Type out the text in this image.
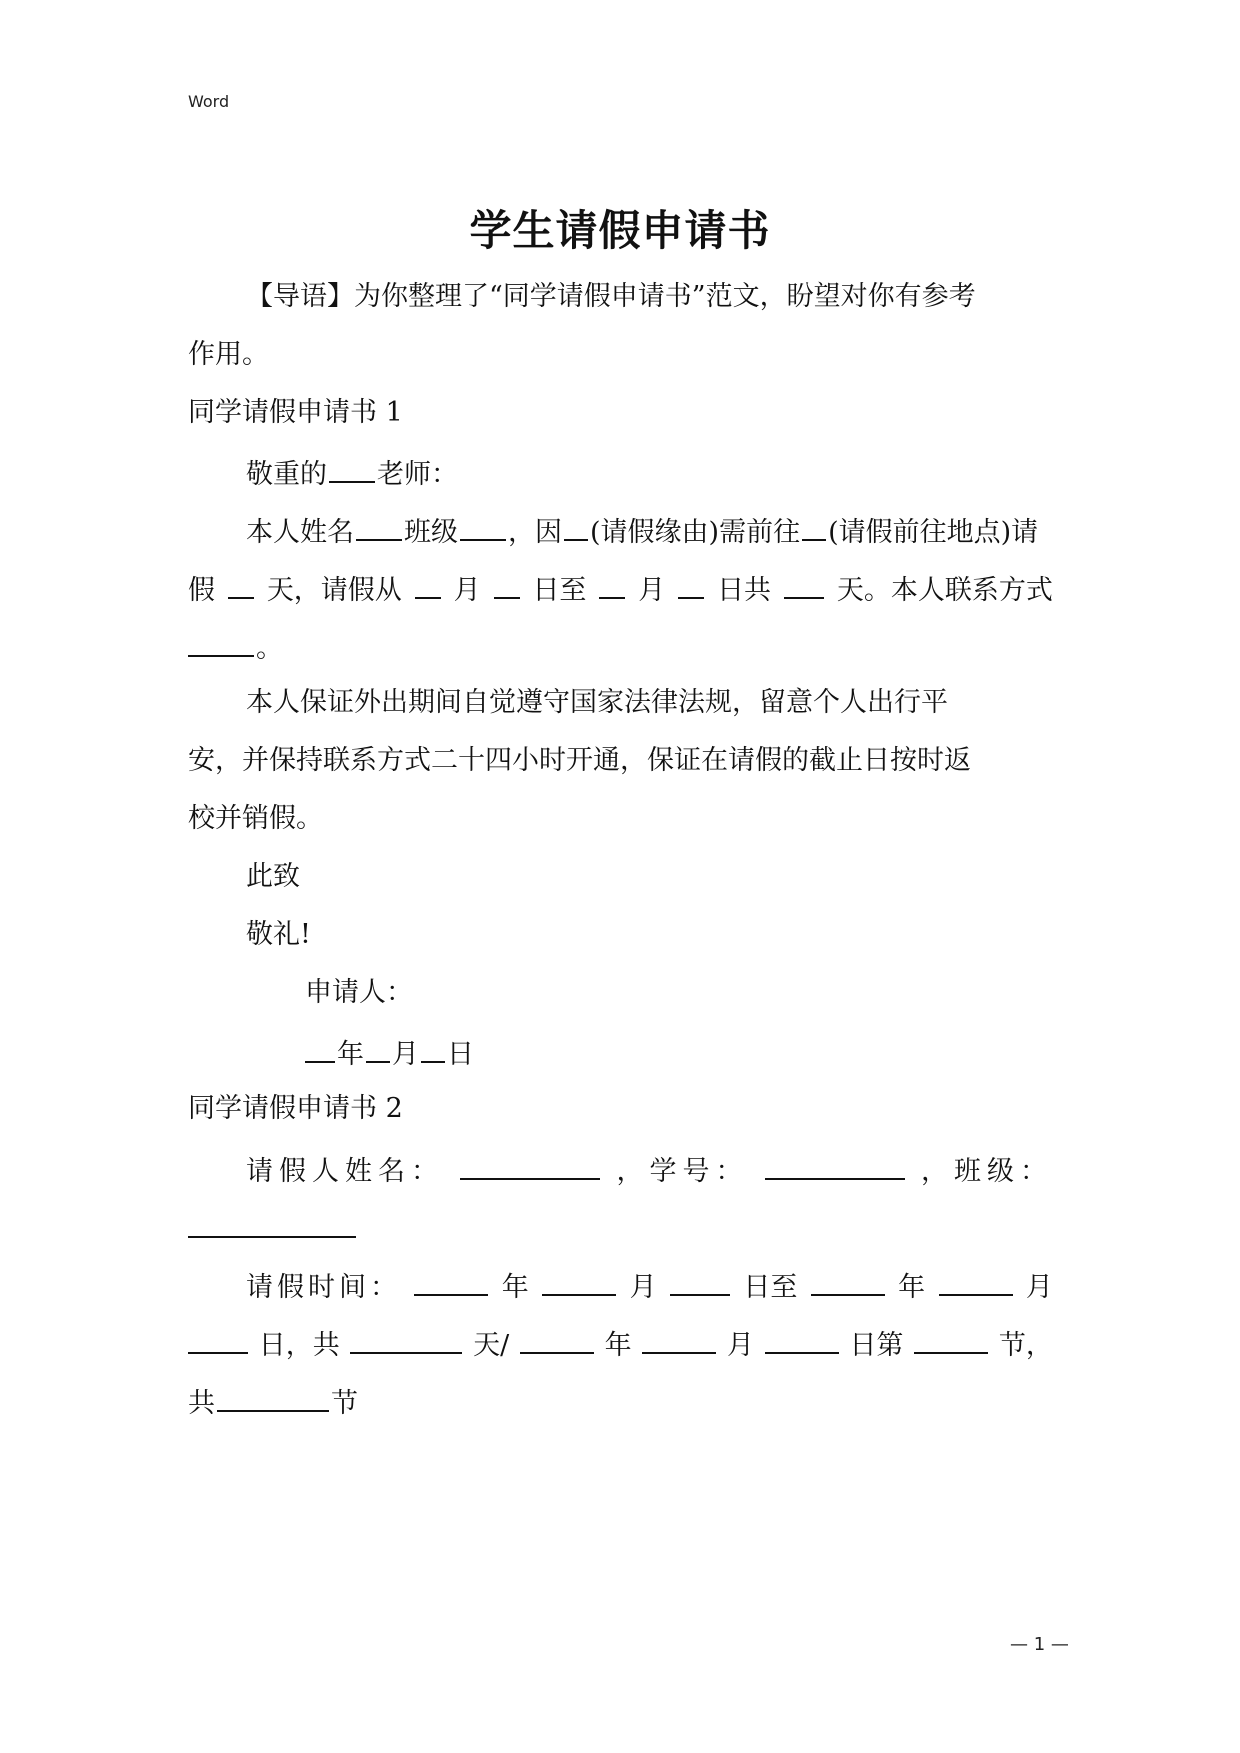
Word
学生请假申请书
【导语】为你整理了“同学请假申请书”范文，盼望对你有参考
作用。
同学请假申请书 1
敬重的 老师：
本人姓名 班级 ，因 (请假缘由)需前往 (请假前往地点)请
假 天，请假从 月 日至 月 日共 天。本人联系方式
。
本人保证外出期间自觉遵守国家法律法规，留意个人出行平
安，并保持联系方式二十四小时开通，保证在请假的截止日按时返
校并销假。
此致
敬礼!
申请人：
年 月 日
同学请假申请书 2
请假人姓名：	，学号：	，班级：
请假时间：	年	月	日至	年	月
日，共	天/	年	月	日第	节，
共	节
— 1 —
